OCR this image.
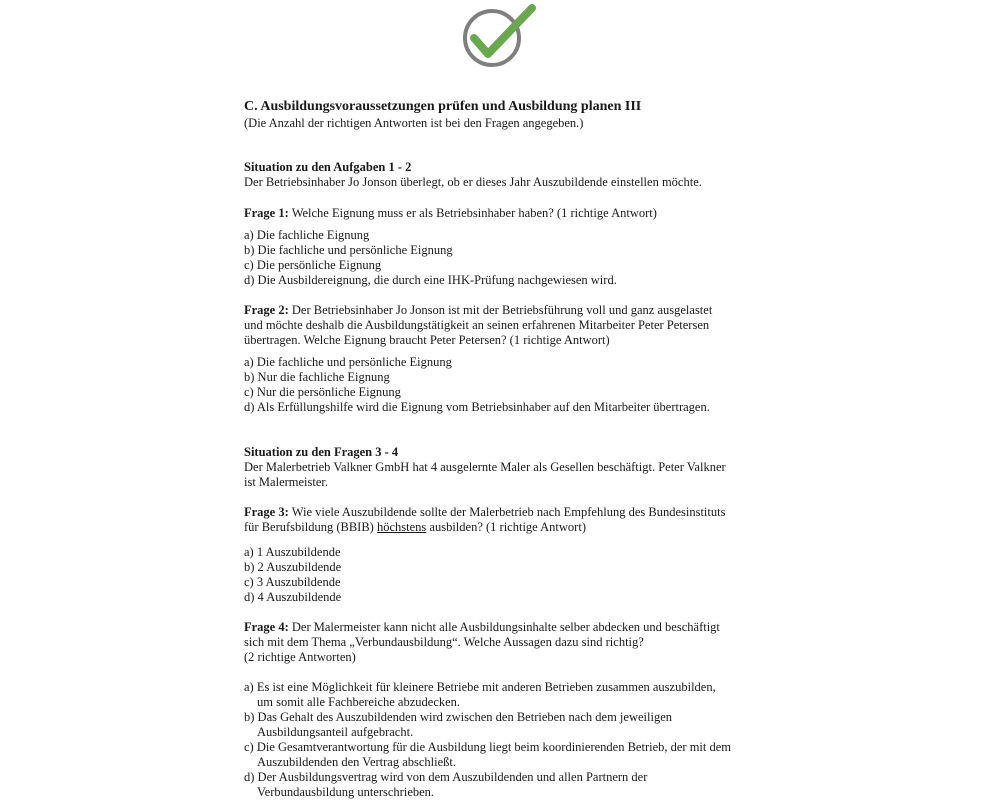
C. Ausbildungsvoraussetzungen prüfen und Ausbildung planen III
(Die Anzahl der richtigen Antworten ist bei den Fragen angegeben.)
Situation zu den Aufgaben 1 - 2
Der Betriebsinhaber Jo Jonson überlegt, ob er dieses Jahr Auszubildende einstellen möchte.
Frage 1: Welche Eignung muss er als Betriebsinhaber haben? (1 richtige Antwort)
a) Die fachliche Eignung
b) Die fachliche und persönliche Eignung
c) Die persönliche Eignung
d) Die Ausbildereignung, die durch eine IHK-Prüfung nachgewiesen wird.
Frage 2: Der Betriebsinhaber Jo Jonson ist mit der Betriebsführung voll und ganz ausgelastet
und möchte deshalb die Ausbildungstätigkeit an seinen erfahrenen Mitarbeiter Peter Petersen
übertragen. Welche Eignung braucht Peter Petersen? (1 richtige Antwort)
a) Die fachliche und persönliche Eignung
b) Nur die fachliche Eignung
c) Nur die persönliche Eignung
d) Als Erfüllungshilfe wird die Eignung vom Betriebsinhaber auf den Mitarbeiter übertragen.
Situation zu den Fragen 3 - 4
Der Malerbetrieb Valkner GmbH hat 4 ausgelernte Maler als Gesellen beschäftigt. Peter Valkner
ist Malermeister.
Frage 3: Wie viele Auszubildende sollte der Malerbetrieb nach Empfehlung des Bundesinstituts
für Berufsbildung (BBIB) höchstens ausbilden? (1 richtige Antwort)
a) 1 Auszubildende
b) 2 Auszubildende
c) 3 Auszubildende
d) 4 Auszubildende
Frage 4: Der Malermeister kann nicht alle Ausbildungsinhalte selber abdecken und beschäftigt
sich mit dem Thema „Verbundausbildung“. Welche Aussagen dazu sind richtig?
(2 richtige Antworten)
a) Es ist eine Möglichkeit für kleinere Betriebe mit anderen Betrieben zusammen auszubilden,
um somit alle Fachbereiche abzudecken.
b) Das Gehalt des Auszubildenden wird zwischen den Betrieben nach dem jeweiligen
Ausbildungsanteil aufgebracht.
c) Die Gesamtverantwortung für die Ausbildung liegt beim koordinierenden Betrieb, der mit dem
Auszubildenden den Vertrag abschließt.
d) Der Ausbildungsvertrag wird von dem Auszubildenden und allen Partnern der
Verbundausbildung unterschrieben.
